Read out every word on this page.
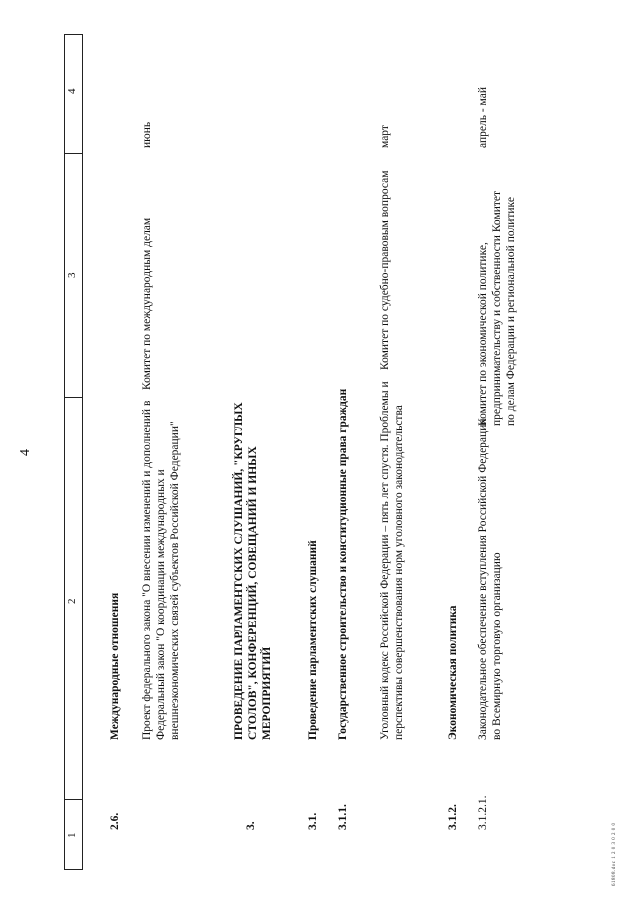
4
1
2
3
4
2.6.
Международные отношения Проект федерального закона "О внесении изменений и дополнений в Федеральный закон "О координации международных и внешнеэкономических связей субъектов Российской Федерации"
Комитет по международным делам
июнь
3.
ПРОВЕДЕНИЕ ПАРЛАМЕНТСКИХ СЛУШАНИЙ, "КРУГЛЫХ СТОЛОВ", КОНФЕРЕНЦИЙ, СОВЕЩАНИЙ И ИНЫХ МЕРОПРИЯТИЙ
3.1.
Проведение парламентских слушаний
3.1.1.
Государственное строительство и конституционные права граждан	Уголовный кодекс Российской Федерации – пять лет спустя. Проблемы и перспективы совершенствования норм уголовного законодательства
Комитет по судебно-правовым вопросам
март
3.1.2.
Экономическая политика
3.1.2.1.
Законодательное обеспечение вступления Российской Федерации во Всемирную торговую организацию
Комитет по экономической политике, предпринимательству и собственности Комитет по делам Федерации и региональной политике
апрель - май
61808.doc 1 2 0 3 0 2 0 0
